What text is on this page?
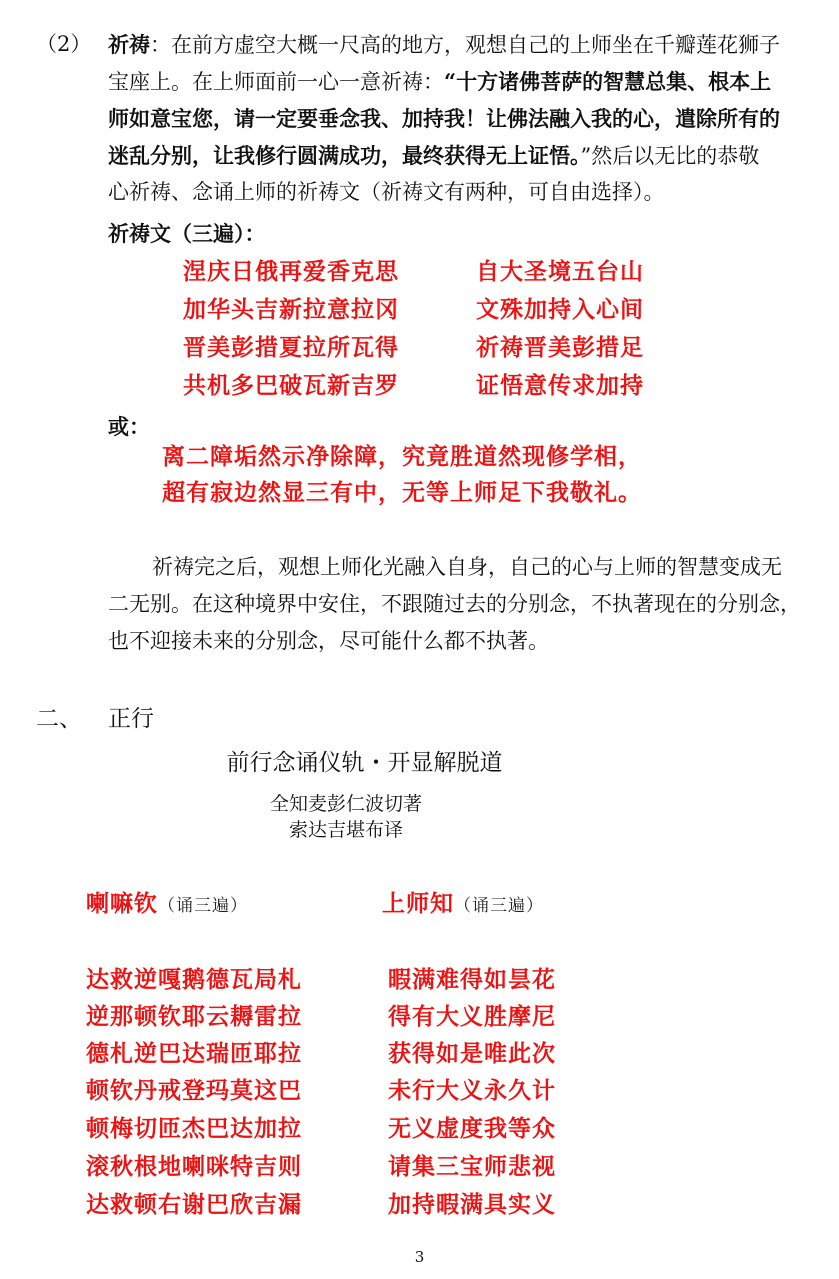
（2） 祈祷：在前方虚空大概一尺高的地方，观想自己的上师坐在千瓣莲花狮子
宝座上。在上师面前一心一意祈祷：“十方诸佛菩萨的智慧总集、根本上
师如意宝您，请一定要垂念我、加持我！让佛法融入我的心，遣除所有的
迷乱分别，让我修行圆满成功，最终获得无上证悟。”然后以无比的恭敬
心祈祷、念诵上师的祈祷文（祈祷文有两种，可自由选择）。
祈祷文（三遍）：
涅庆日俄再爱香克思
加华头吉新拉意拉冈
晋美彭措夏拉所瓦得
共机多巴破瓦新吉罗
自大圣境五台山
文殊加持入心间
祈祷晋美彭措足
证悟意传求加持
或：
离二障垢然示净除障，究竟胜道然现修学相，
超有寂边然显三有中，无等上师足下我敬礼。
祈祷完之后，观想上师化光融入自身，自己的心与上师的智慧变成无
二无别。在这种境界中安住，不跟随过去的分别念，不执著现在的分别念，
也不迎接未来的分别念，尽可能什么都不执著。
二、 正行
前行念诵仪轨・开显解脱道
全知麦彭仁波切著
索达吉堪布译
喇嘛钦（诵三遍）	上师知（诵三遍）
达救逆嘎鹅德瓦局札
逆那顿钦耶云耨雷拉
德札逆巴达瑞匝耶拉
顿钦丹戒登玛莫这巴
顿梅切匝杰巴达加拉
滚秋根地喇咪特吉则
达救顿右谢巴欣吉漏
暇满难得如昙花
得有大义胜摩尼
获得如是唯此次
未行大义永久计
无义虚度我等众
请集三宝师悲视
加持暇满具实义
3
